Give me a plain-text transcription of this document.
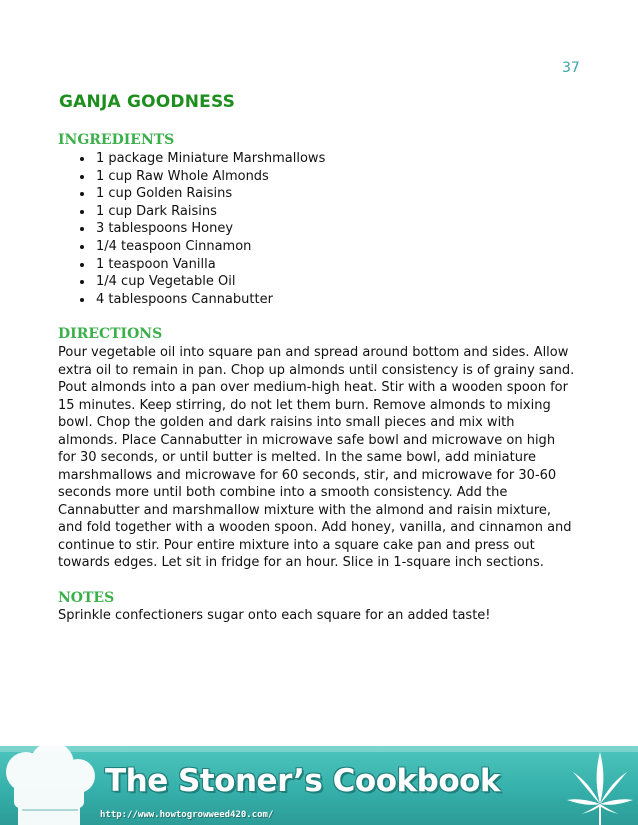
37
GANJA GOODNESS
INGREDIENTS
1 package Miniature Marshmallows
1 cup Raw Whole Almonds
1 cup Golden Raisins
1 cup Dark Raisins
3 tablespoons Honey
1/4 teaspoon Cinnamon
1 teaspoon Vanilla
1/4 cup Vegetable Oil
4 tablespoons Cannabutter
DIRECTIONS

Pour vegetable oil into square pan and spread around bottom and sides. Allow extra oil to remain in pan. Chop up almonds until consistency is of grainy sand. Pout almonds into a pan over medium-high heat. Stir with a wooden spoon for 15 minutes. Keep stirring, do not let them burn. Remove almonds to mixing bowl. Chop the golden and dark raisins into small pieces and mix with almonds. Place Cannabutter in microwave safe bowl and microwave on high for 30 seconds, or until butter is melted. In the same bowl, add miniature marshmallows and microwave for 60 seconds, stir, and microwave for 30-60 seconds more until both combine into a smooth consistency. Add the Cannabutter and marshmallow mixture with the almond and raisin mixture, and fold together with a wooden spoon. Add honey, vanilla, and cinnamon and continue to stir. Pour entire mixture into a square cake pan and press out towards edges. Let sit in fridge for an hour. Slice in 1-square inch sections.

NOTES

Sprinkle confectioners sugar onto each square for an added taste!

The Stoner’s Cookbook
http://www.howtogrowweed420.com/
